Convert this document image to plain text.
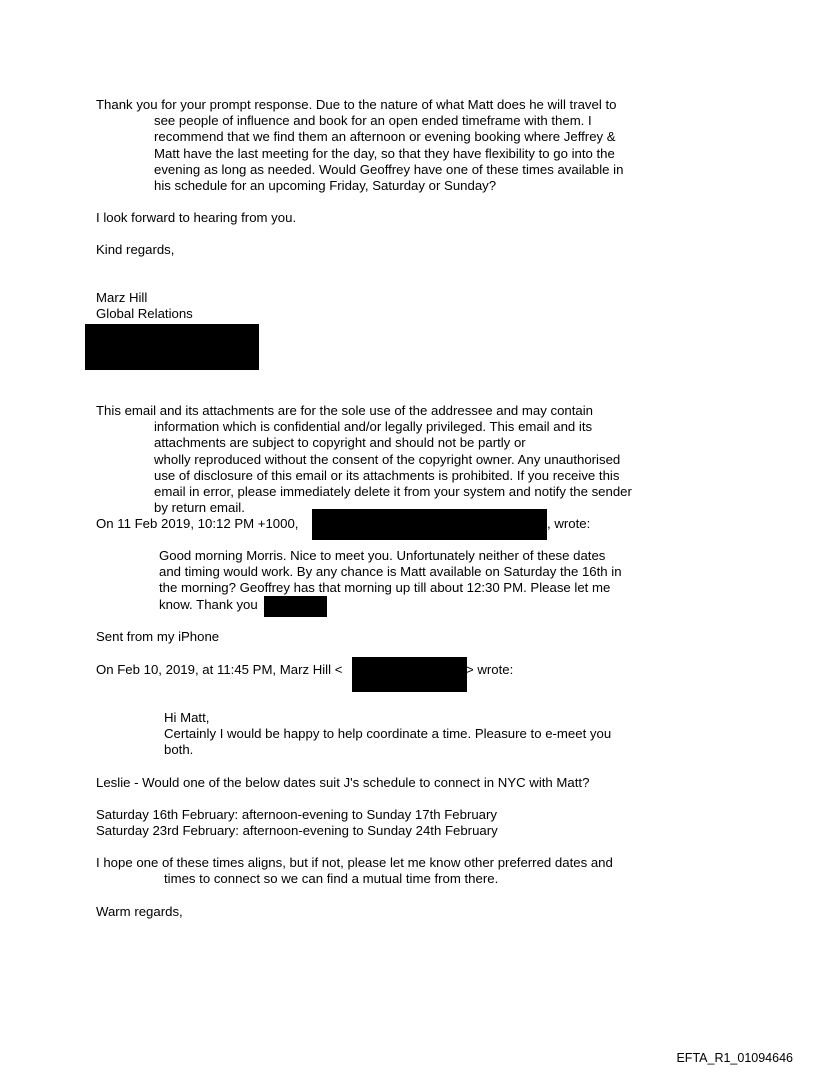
Thank you for your prompt response. Due to the nature of what Matt does he will travel to
see people of influence and book for an open ended timeframe with them. I
recommend that we find them an afternoon or evening booking where Jeffrey &
Matt have the last meeting for the day, so that they have flexibility to go into the
evening as long as needed. Would Geoffrey have one of these times available in
his schedule for an upcoming Friday, Saturday or Sunday?
I look forward to hearing from you.
Kind regards,
Marz Hill
Global Relations
This email and its attachments are for the sole use of the addressee and may contain
information which is confidential and/or legally privileged. This email and its
attachments are subject to copyright and should not be partly or
wholly reproduced without the consent of the copyright owner. Any unauthorised
use of disclosure of this email or its attachments is prohibited. If you receive this
email in error, please immediately delete it from your system and notify the sender
by return email.
On 11 Feb 2019, 10:12 PM +1000,	, wrote:
Good morning Morris. Nice to meet you. Unfortunately neither of these dates
and timing would work. By any chance is Matt available on Saturday the 16th in
the morning? Geoffrey has that morning up till about 12:30 PM. Please let me
know. Thank you
Sent from my iPhone
On Feb 10, 2019, at 11:45 PM, Marz Hill <	> wrote:
Hi Matt,
Certainly I would be happy to help coordinate a time. Pleasure to e-meet you
both.
Leslie - Would one of the below dates suit J's schedule to connect in NYC with Matt?
Saturday 16th February: afternoon-evening to Sunday 17th February
Saturday 23rd February: afternoon-evening to Sunday 24th February
I hope one of these times aligns, but if not, please let me know other preferred dates and
times to connect so we can find a mutual time from there.
Warm regards,
EFTA_R1_01094646
